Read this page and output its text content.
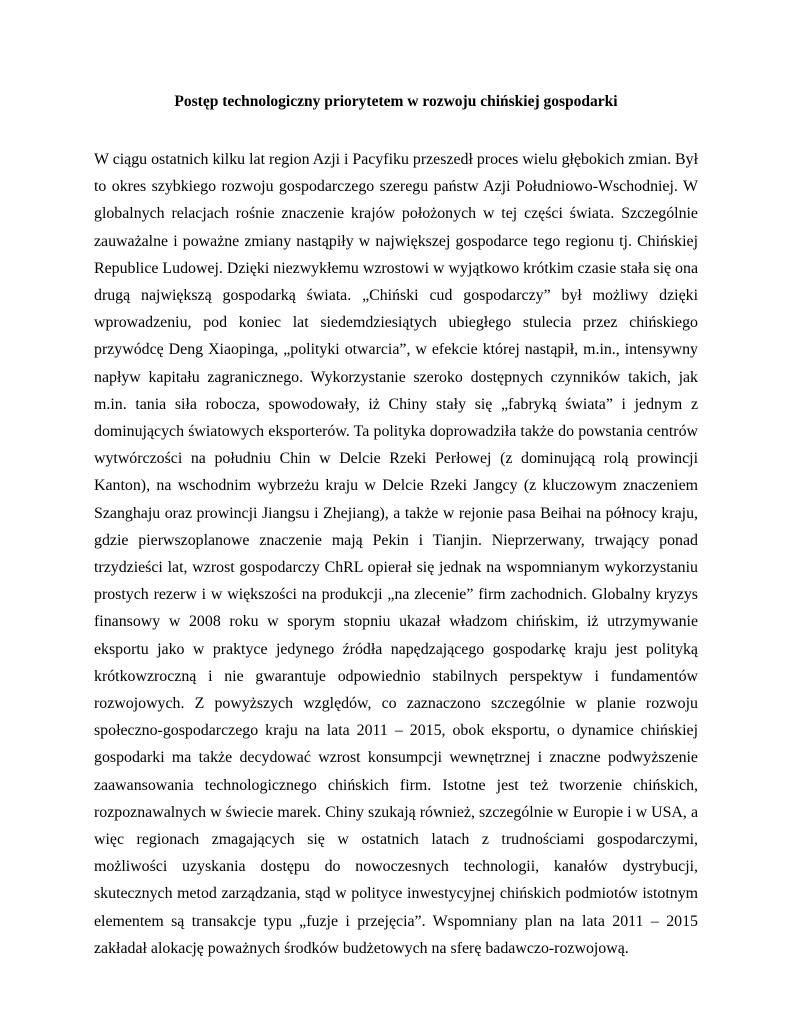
Postęp technologiczny priorytetem w rozwoju chińskiej gospodarki

W ciągu ostatnich kilku lat region Azji i Pacyfiku przeszedł proces wielu głębokich zmian. Był to okres szybkiego rozwoju gospodarczego szeregu państw Azji Południowo-Wschodniej. W globalnych relacjach rośnie znaczenie krajów położonych w tej części świata. Szczególnie zauważalne i poważne zmiany nastąpiły w największej gospodarce tego regionu tj. Chińskiej Republice Ludowej. Dzięki niezwykłemu wzrostowi w wyjątkowo krótkim czasie stała się ona drugą największą gospodarką świata. „Chiński cud gospodarczy” był możliwy dzięki wprowadzeniu, pod koniec lat siedemdziesiątych ubiegłego stulecia przez chińskiego przywódcę Deng Xiaopinga, „polityki otwarcia”, w efekcie której nastąpił, m.in., intensywny napływ kapitału zagranicznego. Wykorzystanie szeroko dostępnych czynników takich, jak m.in. tania siła robocza, spowodowały, iż Chiny stały się „fabryką świata” i jednym z dominujących światowych eksporterów. Ta polityka doprowadziła także do powstania centrów wytwórczości na południu Chin w Delcie Rzeki Perłowej (z dominującą rolą prowincji Kanton), na wschodnim wybrzeżu kraju w Delcie Rzeki Jangcy (z kluczowym znaczeniem Szanghaju oraz prowincji Jiangsu i Zhejiang), a także w rejonie pasa Beihai na północy kraju, gdzie pierwszoplanowe znaczenie mają Pekin i Tianjin. Nieprzerwany, trwający ponad trzydzieści lat, wzrost gospodarczy ChRL opierał się jednak na wspomnianym wykorzystaniu prostych rezerw i w większości na produkcji „na zlecenie” firm zachodnich. Globalny kryzys finansowy w 2008 roku w sporym stopniu ukazał władzom chińskim, iż utrzymywanie eksportu jako w praktyce jedynego źródła napędzającego gospodarkę kraju jest polityką krótkowzroczną i nie gwarantuje odpowiednio stabilnych perspektyw i fundamentów rozwojowych. Z powyższych względów, co zaznaczono szczególnie w planie rozwoju społeczno-gospodarczego kraju na lata 2011 – 2015, obok eksportu, o dynamice chińskiej gospodarki ma także decydować wzrost konsumpcji wewnętrznej i znaczne podwyższenie zaawansowania technologicznego chińskich firm. Istotne jest też tworzenie chińskich, rozpoznawalnych w świecie marek. Chiny szukają również, szczególnie w Europie i w USA, a więc regionach zmagających się w ostatnich latach z trudnościami gospodarczymi, możliwości uzyskania dostępu do nowoczesnych technologii, kanałów dystrybucji, skutecznych metod zarządzania, stąd w polityce inwestycyjnej chińskich podmiotów istotnym elementem są transakcje typu „fuzje i przejęcia”. Wspomniany plan na lata 2011 – 2015 zakładał alokację poważnych środków budżetowych na sferę badawczo-rozwojową.
